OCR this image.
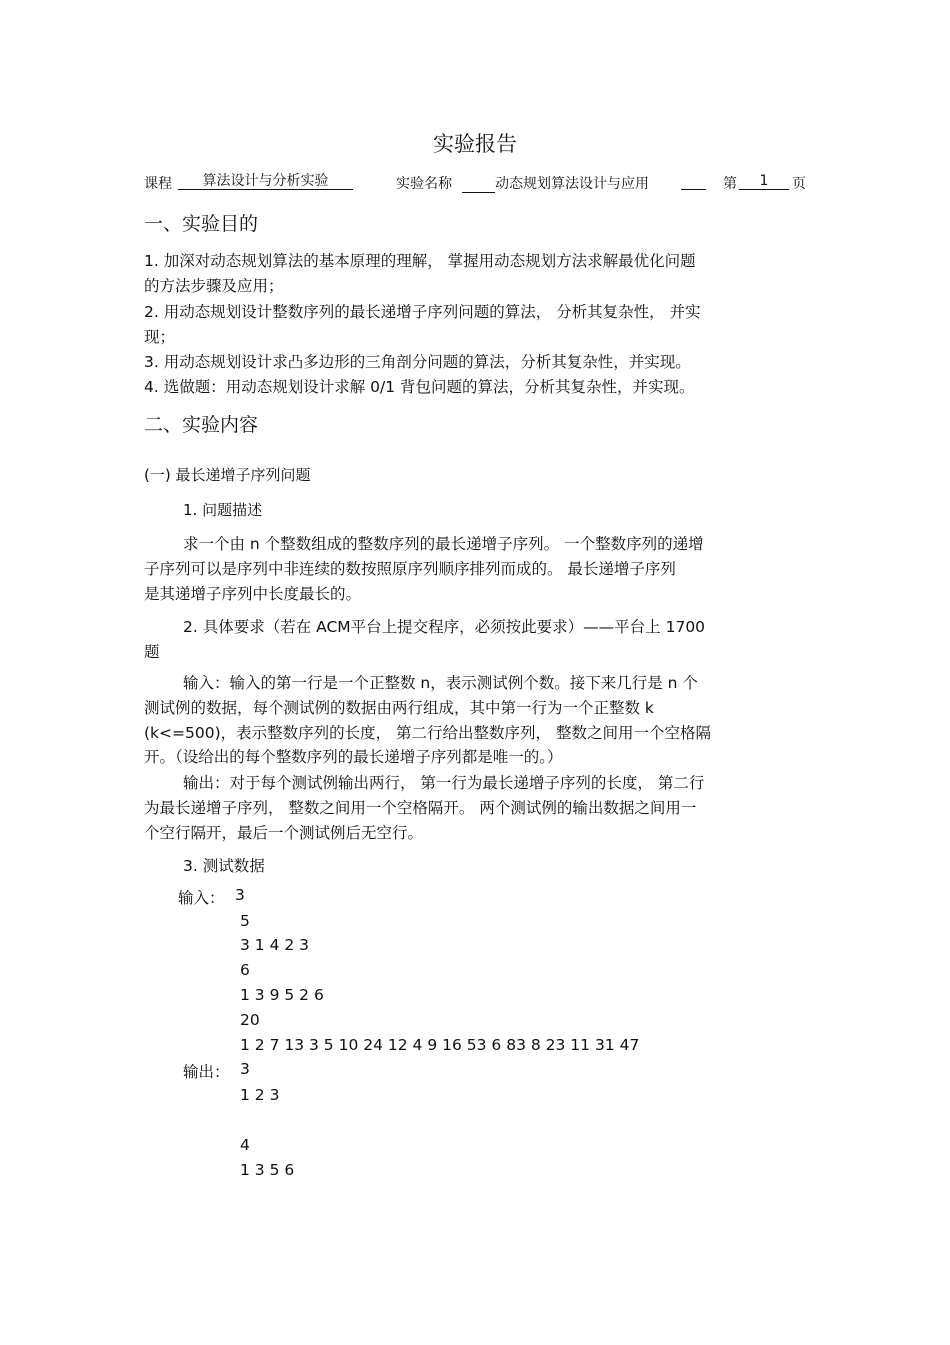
实验报告
课程	算法设计与分析实验	实验名称	动态规划算法设计与应用
	第	1	页
一、实验目的
1. 加深对动态规划算法的基本原理的理解， 掌握用动态规划方法求解最优化问题
的方法步骤及应用；
2. 用动态规划设计整数序列的最长递增子序列问题的算法， 分析其复杂性， 并实
现；
3. 用动态规划设计求凸多边形的三角剖分问题的算法，分析其复杂性，并实现。
4. 选做题：用动态规划设计求解 0/1 背包问题的算法，分析其复杂性，并实现。
二、实验内容
(一) 最长递增子序列问题
1. 问题描述
求一个由 n 个整数组成的整数序列的最长递增子序列。 一个整数序列的递增
子序列可以是序列中非连续的数按照原序列顺序排列而成的。 最长递增子序列
是其递增子序列中长度最长的。
2. 具体要求（若在 ACM平台上提交程序，必须按此要求）——平台上 1700
题
输入：输入的第一行是一个正整数 n，表示测试例个数。接下来几行是 n 个
测试例的数据，每个测试例的数据由两行组成，其中第一行为一个正整数 k
(k<=500)，表示整数序列的长度， 第二行给出整数序列， 整数之间用一个空格隔
开。（设给出的每个整数序列的最长递增子序列都是唯一的。）
输出：对于每个测试例输出两行， 第一行为最长递增子序列的长度， 第二行
为最长递增子序列， 整数之间用一个空格隔开。 两个测试例的输出数据之间用一
个空行隔开，最后一个测试例后无空行。
3. 测试数据
输入： 3
5
3 1 4 2 3
6
1 3 9 5 2 6
20
1 2 7 13 3 5 10 24 12 4 9 16 53 6 83 8 23 11 31 47
输出： 3
1 2 3
4
1 3 5 6
